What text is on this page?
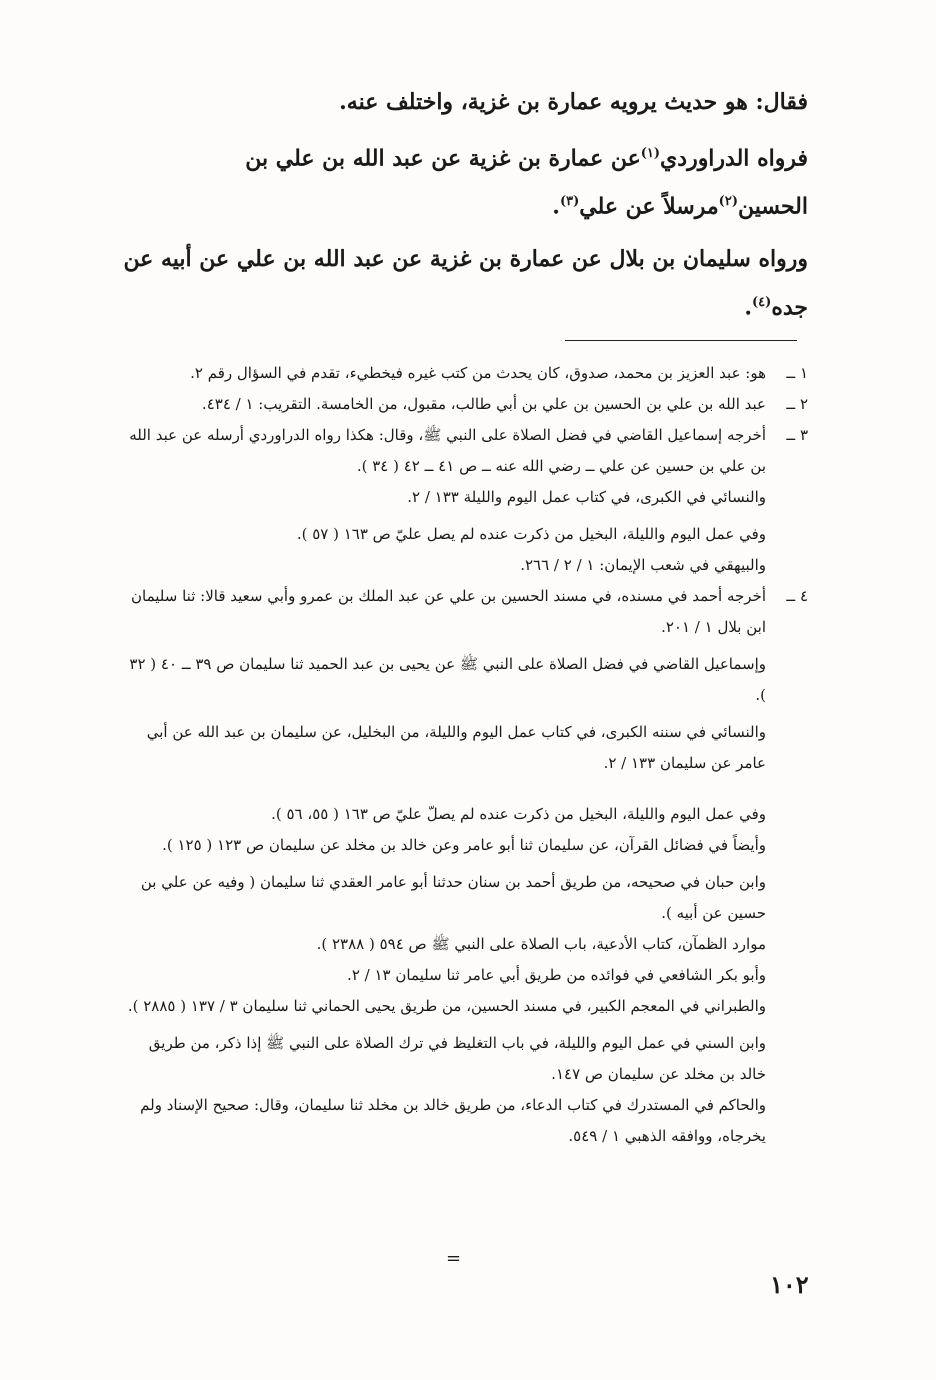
فقال: هو حديث يرويه عمارة بن غزية، واختلف عنه.

فرواه الدراوردي$^{(١)}$عن عمارة بن غزية عن عبد الله بن علي بن الحسين$^{(٢)}$مرسلاً عن علي$^{(٣)}$.

ورواه سليمان بن بلال عن عمارة بن غزية عن عبد الله بن علي عن أبيه عن جده$^{(٤)}$.

١ ــ
هو: عبد العزيز بن محمد، صدوق، كان يحدث من كتب غيره فيخطيء، تقدم في السؤال رقم ٢.
٢ ــ
عبد الله بن علي بن الحسين بن علي بن أبي طالب، مقبول، من الخامسة. التقريب: ١ / ٤٣٤.
٣ ــ
أخرجه إسماعيل القاضي في فضل الصلاة على النبي ﷺ، وقال: هكذا رواه الدراوردي أرسله عن عبد الله بن علي بن حسين عن علي ــ رضي الله عنه ــ ص ٤١ ــ ٤٢ ( ٣٤ ).
والنسائي في الكبرى، في كتاب عمل اليوم والليلة ١٣٣ / ٢.
وفي عمل اليوم والليلة، البخيل من ذكرت عنده لم يصل عليّ ص ١٦٣ ( ٥٧ ).
والبيهقي في شعب الإيمان: ١ / ٢ / ٢٦٦.
٤ ــ
أخرجه أحمد في مسنده، في مسند الحسين بن علي عن عبد الملك بن عمرو وأبي سعيد قالا: ثنا سليمان ابن بلال ١ / ٢٠١.
وإسماعيل القاضي في فضل الصلاة على النبي ﷺ عن يحيى بن عبد الحميد ثنا سليمان ص ٣٩ ــ ٤٠ ( ٣٢ ).
والنسائي في سننه الكبرى، في كتاب عمل اليوم والليلة، من البخليل، عن سليمان بن عبد الله عن أبي عامر عن سليمان ١٣٣ / ٢.
وفي عمل اليوم والليلة، البخيل من ذكرت عنده لم يصلّ عليّ ص ١٦٣ ( ٥٥، ٥٦ ).
وأيضاً في فضائل القرآن، عن سليمان ثنا أبو عامر وعن خالد بن مخلد عن سليمان ص ١٢٣ ( ١٢٥ ).
وابن حبان في صحيحه، من طريق أحمد بن سنان حدثنا أبو عامر العقدي ثنا سليمان ( وفيه عن علي بن حسين عن أبيه ).
موارد الظمآن، كتاب الأدعية، باب الصلاة على النبي ﷺ ص ٥٩٤ ( ٢٣٨٨ ).
وأبو بكر الشافعي في فوائده من طريق أبي عامر ثنا سليمان ١٣ / ٢.
والطبراني في المعجم الكبير، في مسند الحسين، من طريق يحيى الحماني ثنا سليمان ٣ / ١٣٧ ( ٢٨٨٥ ).
وابن السني في عمل اليوم والليلة، في باب التغليظ في ترك الصلاة على النبي ﷺ إذا ذكر، من طريق خالد بن مخلد عن سليمان ص ١٤٧.
والحاكم في المستدرك في كتاب الدعاء، من طريق خالد بن مخلد ثنا سليمان، وقال: صحيح الإسناد ولم يخرجاه، ووافقه الذهبي ١ / ٥٤٩.
=
١٠٢
